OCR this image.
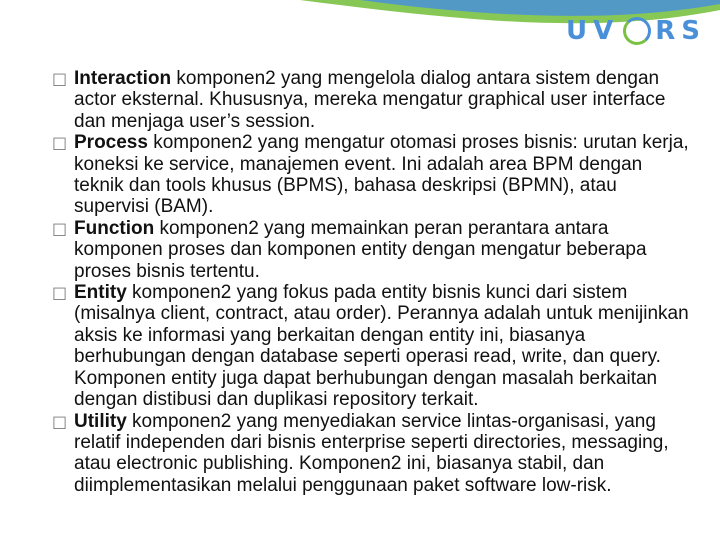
UV RS

□ Interaction komponen2 yang mengelola dialog antara sistem dengan actor eksternal. Khususnya, mereka mengatur graphical user interface dan menjaga user’s session.

□ Process komponen2 yang mengatur otomasi proses bisnis: urutan kerja, koneksi ke service, manajemen event. Ini adalah area BPM dengan teknik dan tools khusus (BPMS), bahasa deskripsi (BPMN), atau supervisi (BAM).

□ Function komponen2 yang memainkan peran perantara antara komponen proses dan komponen entity dengan mengatur beberapa proses bisnis tertentu.

□ Entity komponen2 yang fokus pada entity bisnis kunci dari sistem (misalnya client, contract, atau order). Perannya adalah untuk menijinkan aksis ke informasi yang berkaitan dengan entity ini, biasanya berhubungan dengan database seperti operasi read, write, dan query. Komponen entity juga dapat berhubungan dengan masalah berkaitan dengan distibusi dan duplikasi repository terkait.

□ Utility komponen2 yang menyediakan service lintas-organisasi, yang relatif independen dari bisnis enterprise seperti directories, messaging, atau electronic publishing. Komponen2 ini, biasanya stabil, dan diimplementasikan melalui penggunaan paket software low-risk.
